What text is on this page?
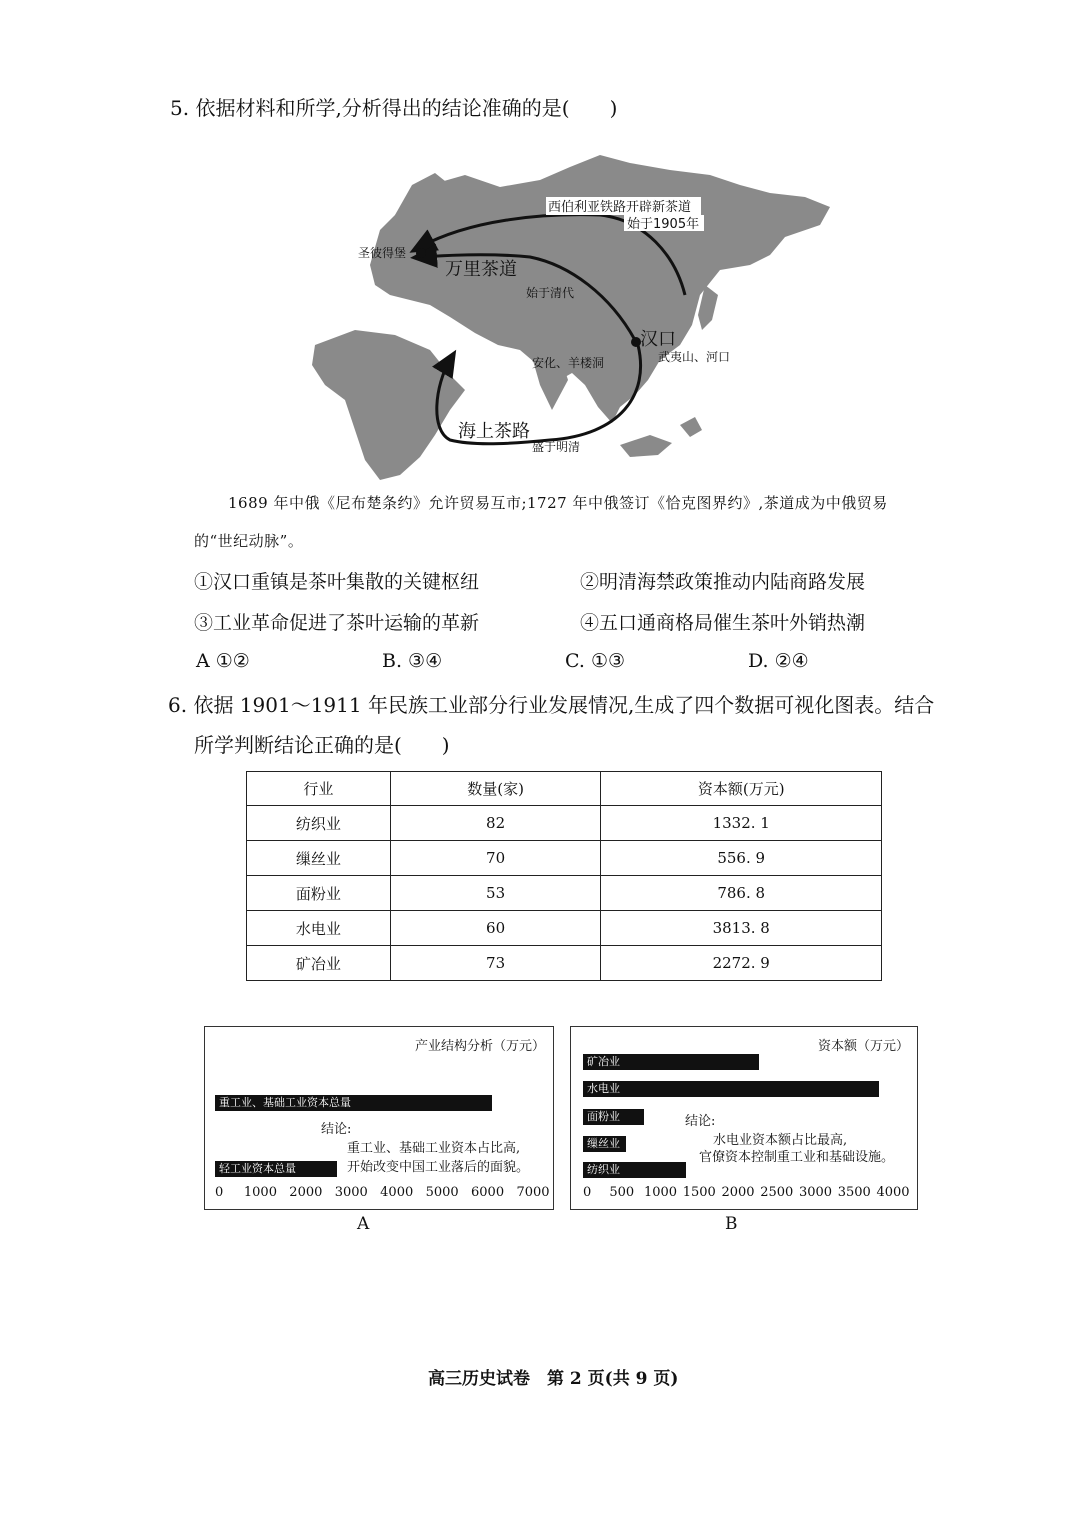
5. 依据材料和所学,分析得出的结论准确的是(　　)
西伯利亚铁路开辟新茶道
始于1905年
圣彼得堡
万里茶道
始于清代
汉口
武夷山、河口
安化、羊楼洞
海上茶路
盛于明清
1689 年中俄《尼布楚条约》允许贸易互市;1727 年中俄签订《恰克图界约》,茶道成为中俄贸易
的“世纪动脉”。
①汉口重镇是茶叶集散的关键枢纽	②明清海禁政策推动内陆商路发展
③工业革命促进了茶叶运输的革新	④五口通商格局催生茶叶外销热潮
A ①②	B. ③④	C. ①③	D. ②④
6. 依据 1901～1911 年民族工业部分行业发展情况,生成了四个数据可视化图表。结合
所学判断结论正确的是(　　)
行业	数量(家)	资本额(万元)
纺织业	82	1332. 1
缫丝业	70	556. 9
面粉业	53	786. 8
水电业	60	3813. 8
矿冶业	73	2272. 9
产业结构分析（万元）
结论:
重工业、基础工业资本占比高,
开始改变中国工业落后的面貌。
重工业、基础工业资本总量
轻工业资本总量
0 1000 2000 3000 4000 5000 6000 7000
A
资本额（万元）
结论:
水电业资本额占比最高,
官僚资本控制重工业和基础设施。
矿冶业
水电业
面粉业
缫丝业
纺织业
0 500 1000 1500 2000 2500 3000 3500 4000
B
高三历史试卷　第 2 页(共 9 页)
